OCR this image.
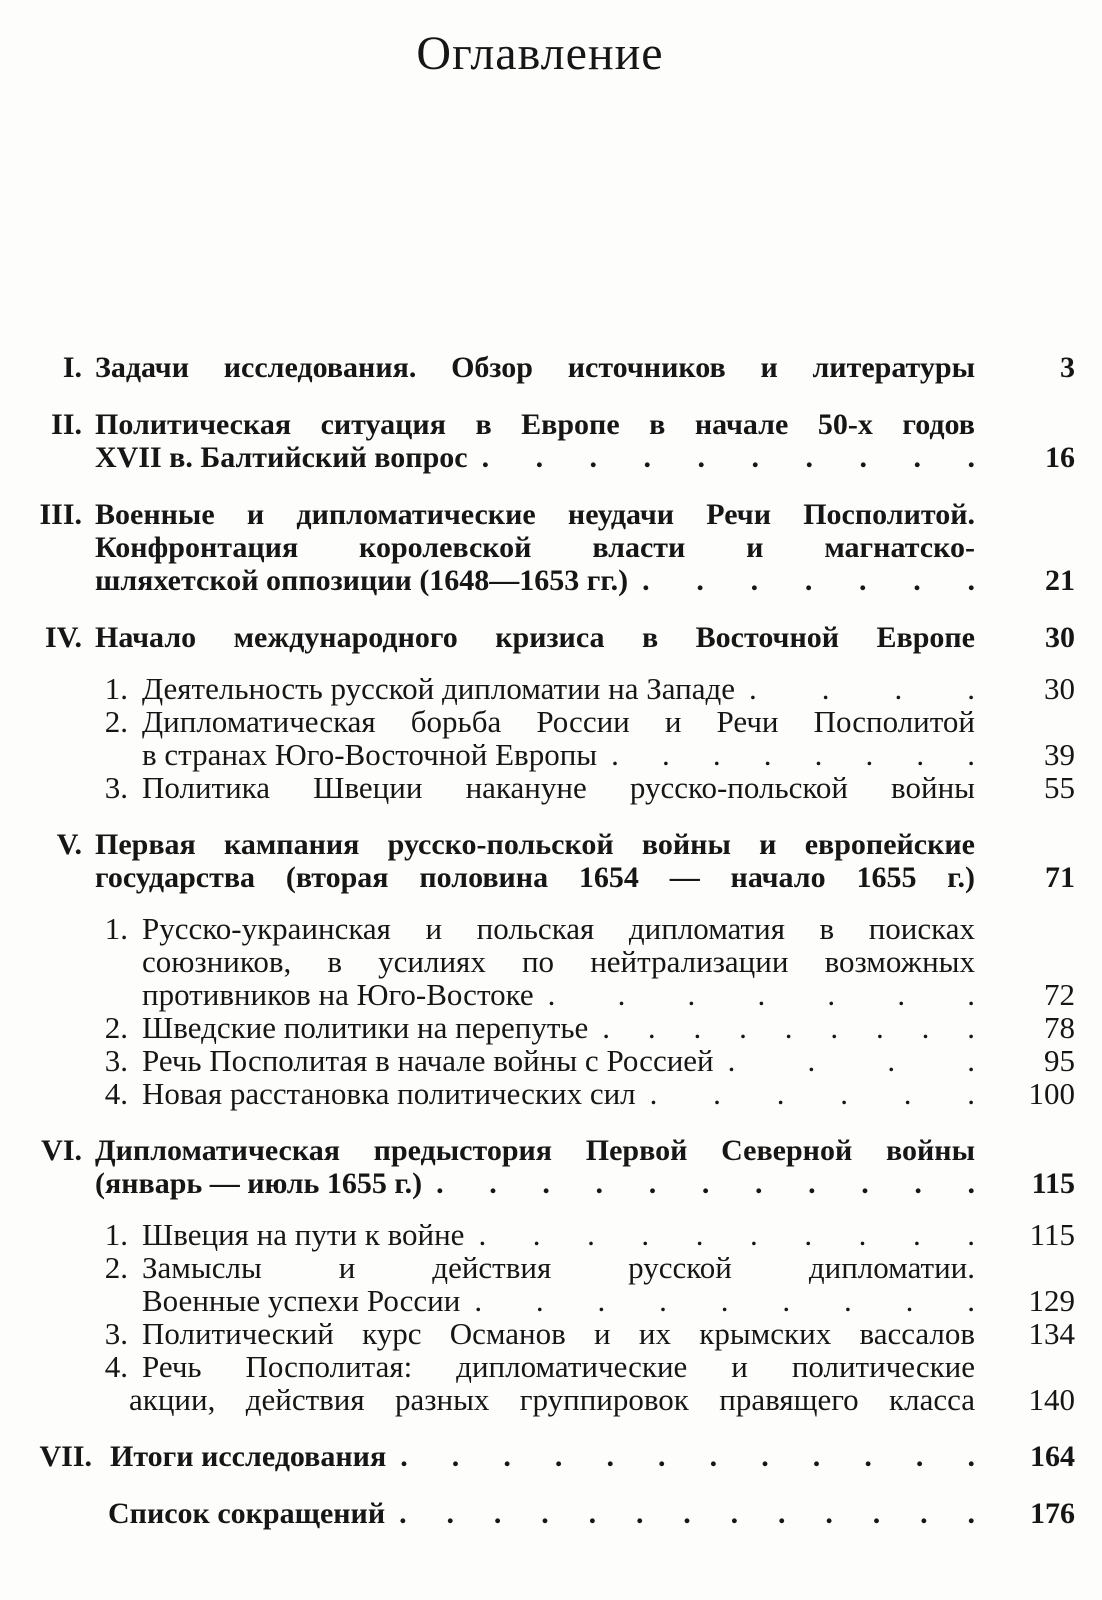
Оглавление
I. Задачи исследования. Обзор источников и литературы	3
II. Политическая ситуация в Европе в начале 50-х годов
XVII в. Балтийский вопрос . . . . . . . . . .	16
III. Военные и дипломатические неудачи Речи Посполитой.
Конфронтация королевской власти и магнатско-
шляхетской оппозиции (1648—1653 гг.) . . . . . . .	21
IV. Начало международного кризиса в Восточной Европе	30
1. Деятельность русской дипломатии на Западе . . . .	30
2. Дипломатическая борьба России и Речи Посполитой
в странах Юго-Восточной Европы . . . . . . . .	39
3. Политика Швеции накануне русско-польской войны	55
V. Первая кампания русско-польской войны и европейские
государства (вторая половина 1654 — начало 1655 г.)	71
1. Русско-украинская и польская дипломатия в поисках
союзников, в усилиях по нейтрализации возможных
противников на Юго-Востоке . . . . . . .	72
2. Шведские политики на перепутье . . . . . . . . .	78
3. Речь Посполитая в начале войны с Россией . . . .	95
4. Новая расстановка политических сил . . . . . .	100
VI. Дипломатическая предыстория Первой Северной войны
(январь — июль 1655 г.) . . . . . . . . . . .	115
1. Швеция на пути к войне . . . . . . . . . .	115
2. Замыслы и действия русской дипломатии.
Военные успехи России . . . . . . . . .	129
3. Политический курс Османов и их крымских вассалов	134
4. Речь Посполитая: дипломатические и политические
акции, действия разных группировок правящего класса	140
VII. Итоги исследования . . . . . . . . . . . .	164
Список сокращений . . . . . . . . . . . . .	176
